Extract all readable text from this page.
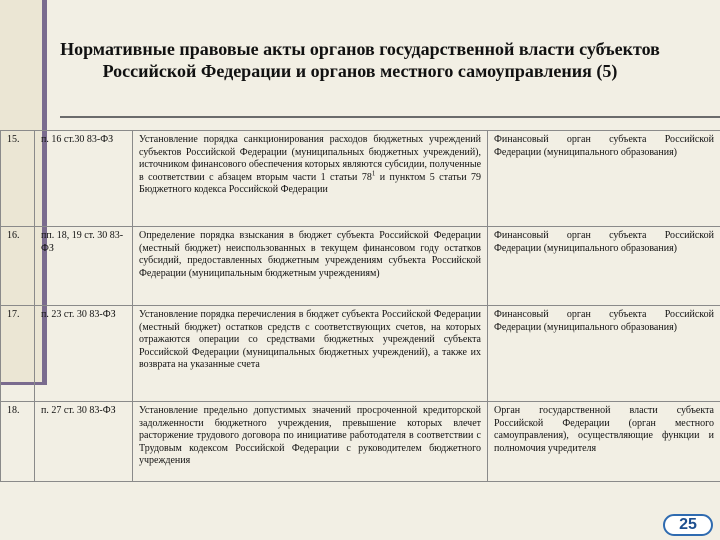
Нормативные правовые акты органов государственной власти субъектов Российской Федерации и органов местного самоуправления (5)
15.	п. 16 ст.30 83-ФЗ	Установление порядка санкционирования расходов бюджетных учреждений субъектов Российской Федерации (муниципальных бюджетных учреждений), источником финансового обеспечения которых являются субсидии, полученные в соответствии с абзацем вторым части 1 статьи $78^1$ и пунктом 5 статьи 79 Бюджетного кодекса Российской Федерации	Финансовый орган субъекта Российской Федерации (муниципального образования)
16.	пп. 18, 19 ст. 30 83-ФЗ	Определение порядка взыскания в бюджет субъекта Российской Федерации (местный бюджет) неиспользованных в текущем финансовом году остатков субсидий, предоставленных бюджетным учреждениям субъекта Российской Федерации (муниципальным бюджетным учреждениям)	Финансовый орган субъекта Российской Федерации (муниципального образования)
17.	п. 23 ст. 30 83-ФЗ	Установление порядка перечисления в бюджет субъекта Российской Федерации (местный бюджет) остатков средств с соответствующих счетов, на которых отражаются операции со средствами бюджетных учреждений субъекта Российской Федерации (муниципальных бюджетных учреждений), а также их возврата на указанные счета	Финансовый орган субъекта Российской Федерации (муниципального образования)
18.	п. 27 ст. 30 83-ФЗ	Установление предельно допустимых значений просроченной кредиторской задолженности бюджетного учреждения, превышение которых влечет расторжение трудового договора по инициативе работодателя в соответствии с Трудовым кодексом Российской Федерации с руководителем бюджетного учреждения	Орган государственной власти субъекта Российской Федерации (орган местного самоуправления), осуществляющие функции и полномочия учредителя
25
